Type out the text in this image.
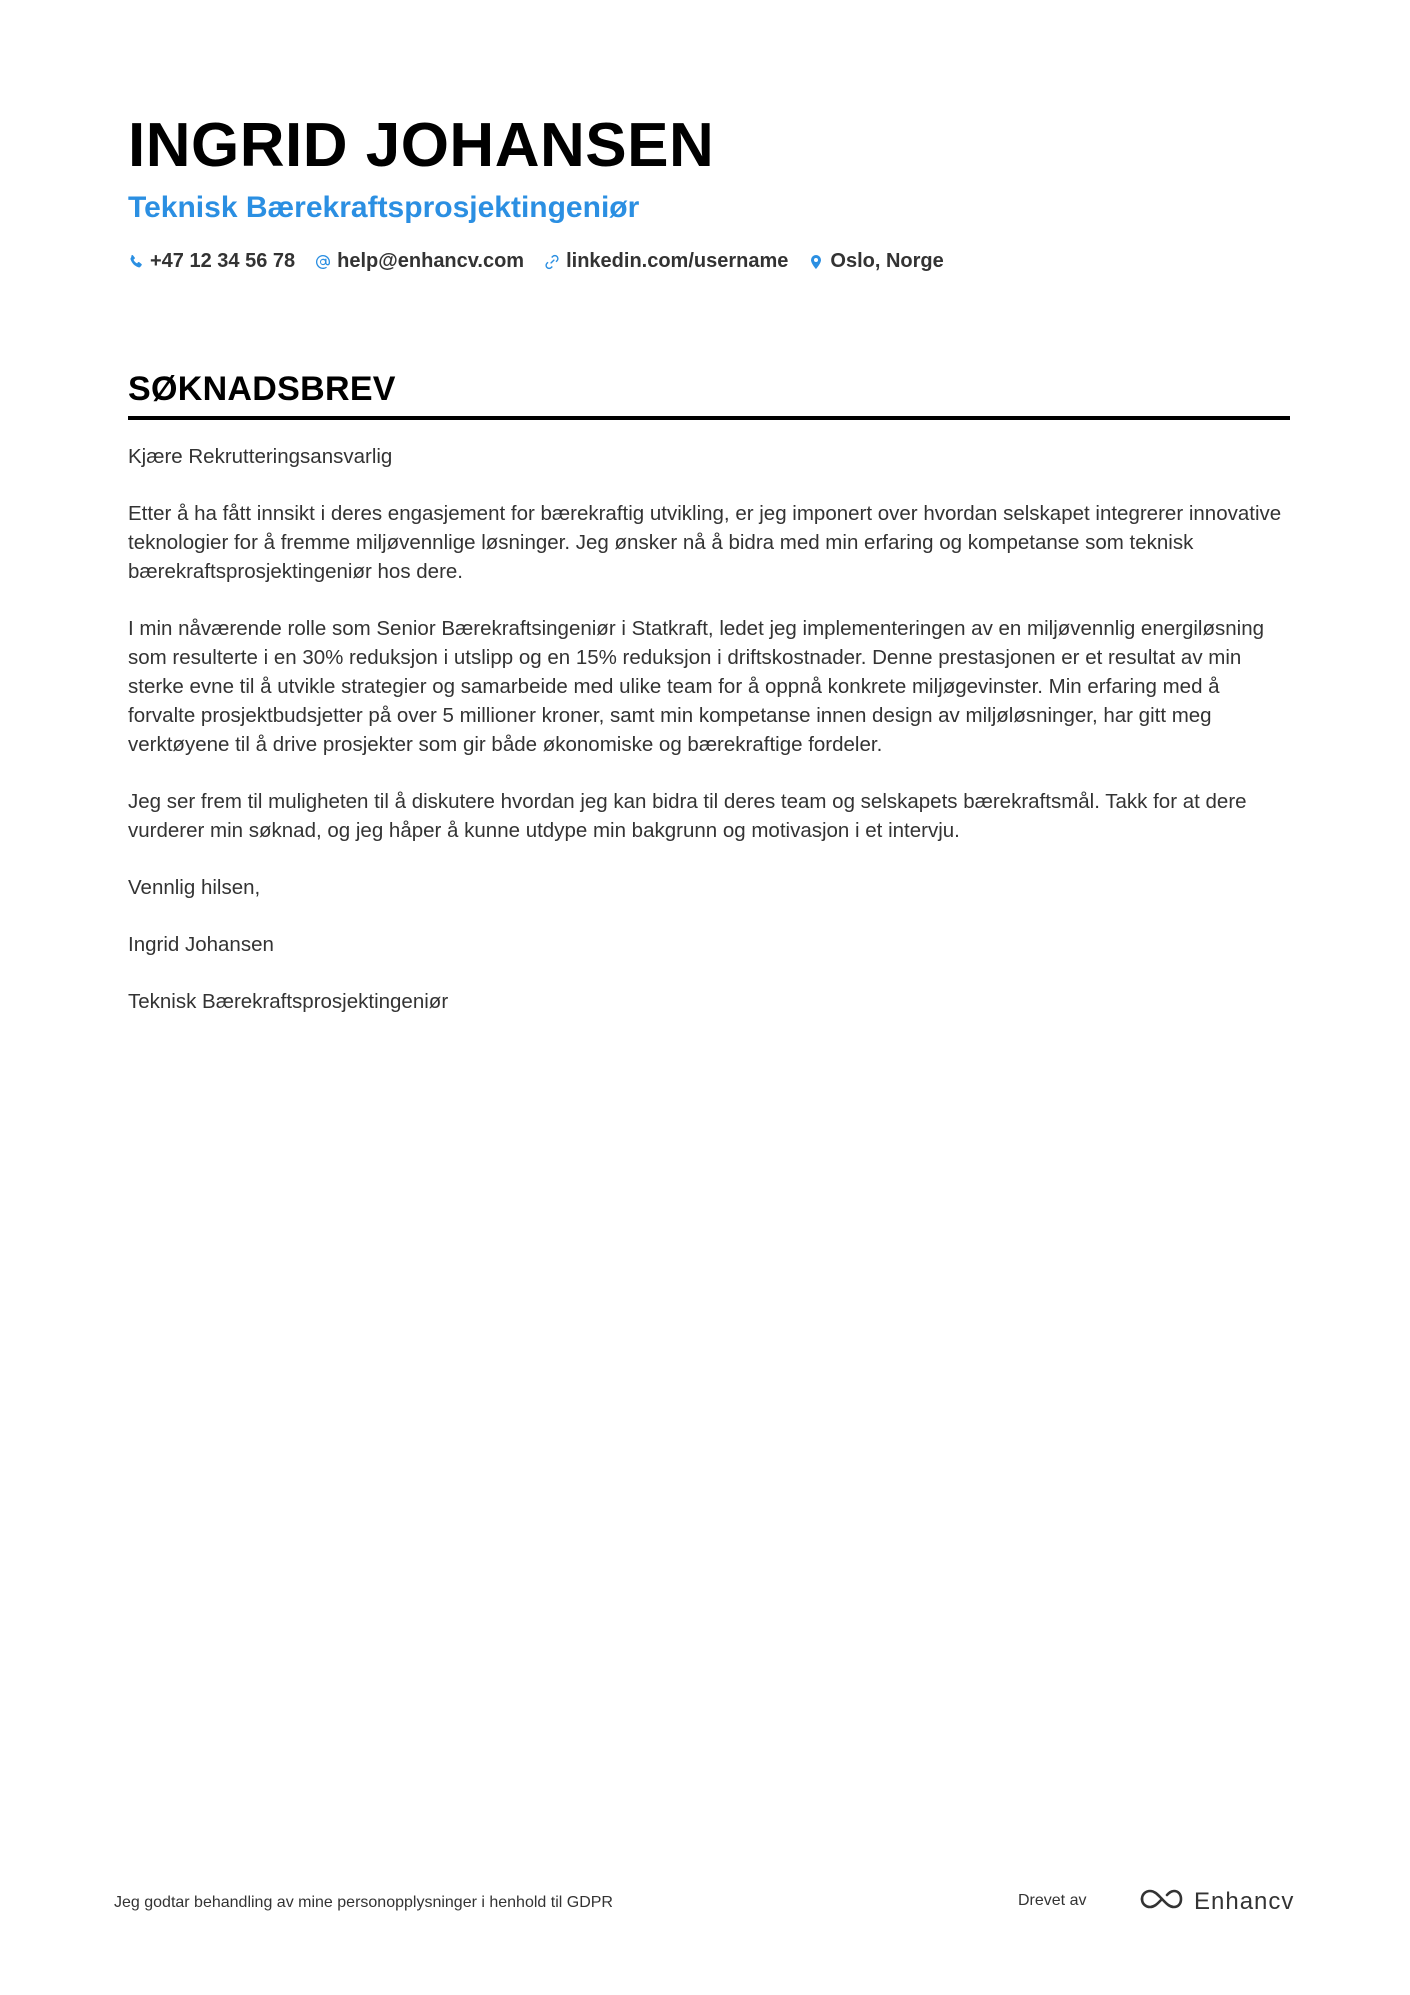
INGRID JOHANSEN
Teknisk Bærekraftsprosjektingeniør
+47 12 34 56 78 help@enhancv.com linkedin.com/username Oslo, Norge
SØKNADSBREV

Kjære Rekrutteringsansvarlig

Etter å ha fått innsikt i deres engasjement for bærekraftig utvikling, er jeg imponert over hvordan selskapet integrerer innovative teknologier for å fremme miljøvennlige løsninger. Jeg ønsker nå å bidra med min erfaring og kompetanse som teknisk bærekraftsprosjektingeniør hos dere.

I min nåværende rolle som Senior Bærekraftsingeniør i Statkraft, ledet jeg implementeringen av en miljøvennlig energiløsning som resulterte i en 30% reduksjon i utslipp og en 15% reduksjon i driftskostnader. Denne prestasjonen er et resultat av min sterke evne til å utvikle strategier og samarbeide med ulike team for å oppnå konkrete miljøgevinster. Min erfaring med å forvalte prosjektbudsjetter på over 5 millioner kroner, samt min kompetanse innen design av miljøløsninger, har gitt meg verktøyene til å drive prosjekter som gir både økonomiske og bærekraftige fordeler.

Jeg ser frem til muligheten til å diskutere hvordan jeg kan bidra til deres team og selskapets bærekraftsmål. Takk for at dere vurderer min søknad, og jeg håper å kunne utdype min bakgrunn og motivasjon i et intervju.

Vennlig hilsen,

Ingrid Johansen

Teknisk Bærekraftsprosjektingeniør

Jeg godtar behandling av mine personopplysninger i henhold til GDPR	Drevet av	Enhancv
